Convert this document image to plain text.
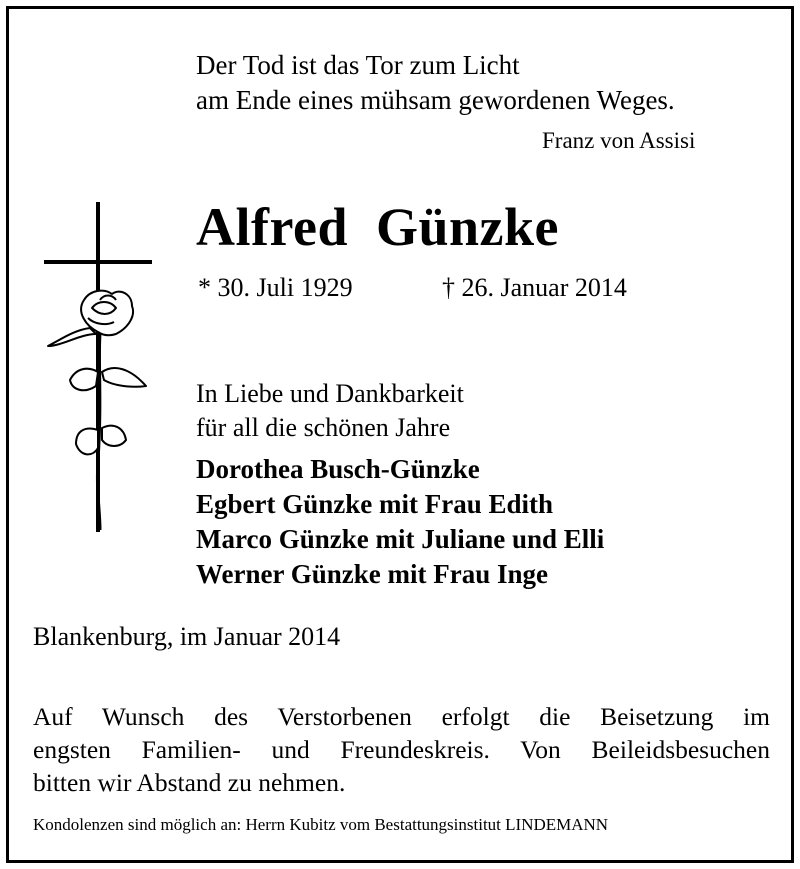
Der Tod ist das Tor zum Licht
am Ende eines mühsam gewordenen Weges.
Franz von Assisi
Alfred Günzke
* 30. Juli 1929	† 26. Januar 2014
In Liebe und Dankbarkeit
für all die schönen Jahre
Dorothea Busch-Günzke
Egbert Günzke mit Frau Edith
Marco Günzke mit Juliane und Elli
Werner Günzke mit Frau Inge
Blankenburg, im Januar 2014
Auf Wunsch des Verstorbenen erfolgt die Beisetzung im
engsten Familien- und Freundeskreis. Von Beileidsbesuchen
bitten wir Abstand zu nehmen.
Kondolenzen sind möglich an: Herrn Kubitz vom Bestattungsinstitut LINDEMANN
